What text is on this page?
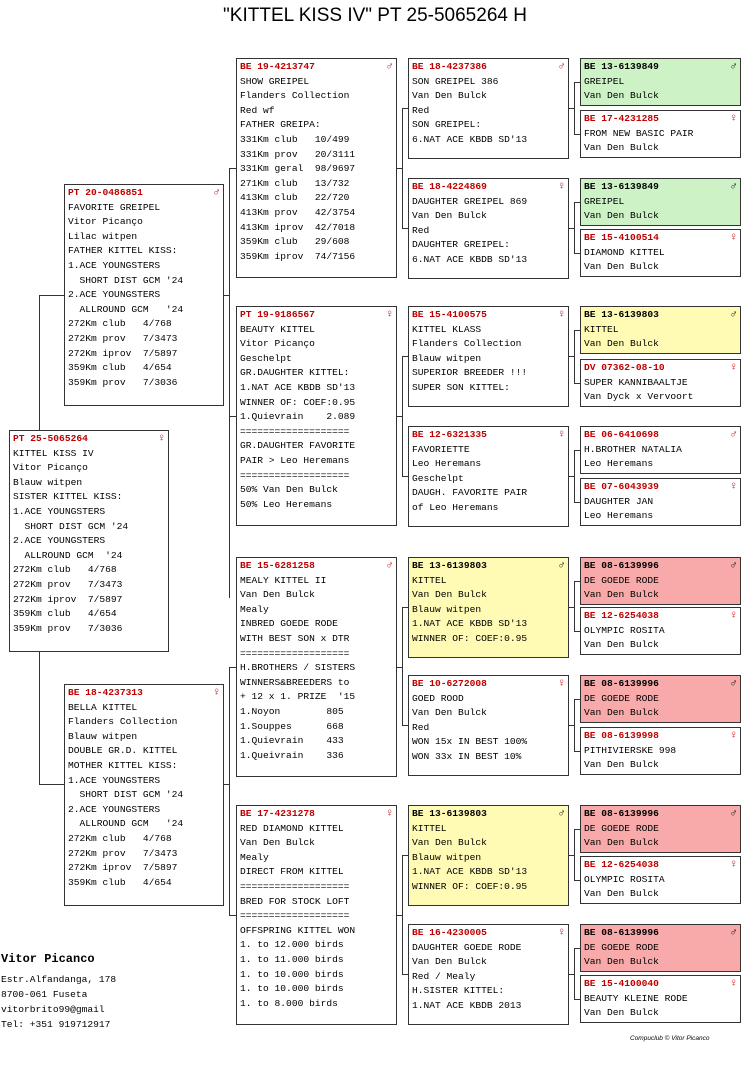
"KITTEL KISS IV" PT 25-5065264 H
PT 25-5065264	♀
KITTEL KISS IV
Vitor Picanço
Blauw witpen
SISTER KITTEL KISS:
1.ACE YOUNGSTERS
SHORT DIST GCM '24
2.ACE YOUNGSTERS
ALLROUND GCM  '24
272Km club   4/768
272Km prov   7/3473
272Km iprov  7/5897
359Km club   4/654
359Km prov   7/3036
PT 20-0486851	♂
FAVORITE GREIPEL
Vitor Picanço
Lilac witpen
FATHER KITTEL KISS:
1.ACE YOUNGSTERS
SHORT DIST GCM '24
2.ACE YOUNGSTERS
ALLROUND GCM   '24
272Km club   4/768
272Km prov   7/3473
272Km iprov  7/5897
359Km club   4/654
359Km prov   7/3036
BE 18-4237313	♀
BELLA KITTEL
Flanders Collection
Blauw witpen
DOUBLE GR.D. KITTEL
MOTHER KITTEL KISS:
1.ACE YOUNGSTERS
SHORT DIST GCM '24
2.ACE YOUNGSTERS
ALLROUND GCM   '24
272Km club   4/768
272Km prov   7/3473
272Km iprov  7/5897
359Km club   4/654
BE 19-4213747	♂
SHOW GREIPEL
Flanders Collection
Red wf
FATHER GREIPA:
331Km club   10/499
331Km prov   20/3111
331Km geral  98/9697
271Km club   13/732
413Km club   22/720
413Km prov   42/3754
413Km iprov  42/7018
359Km club   29/608
359Km iprov  74/7156
PT 19-9186567	♀
BEAUTY KITTEL
Vitor Picanço
Geschelpt
GR.DAUGHTER KITTEL:
1.NAT ACE KBDB SD'13
WINNER OF: COEF:0.95
1.Quievrain    2.089
===================
GR.DAUGHTER FAVORITE
PAIR > Leo Heremans
===================
50% Van Den Bulck
50% Leo Heremans
BE 15-6281258	♂
MEALY KITTEL II
Van Den Bulck
Mealy
INBRED GOEDE RODE
WITH BEST SON x DTR
===================
H.BROTHERS / SISTERS
WINNERS&BREEDERS to
+ 12 x 1. PRIZE  '15
1.Noyon        805
1.Souppes      668
1.Quievrain    433
1.Queivrain    336
BE 17-4231278	♀
RED DIAMOND KITTEL
Van Den Bulck
Mealy
DIRECT FROM KITTEL
===================
BRED FOR STOCK LOFT
===================
OFFSPRING KITTEL WON
1. to 12.000 birds
1. to 11.000 birds
1. to 10.000 birds
1. to 10.000 birds
1. to 8.000 birds
BE 18-4237386	♂
SON GREIPEL 386
Van Den Bulck
Red
SON GREIPEL:
6.NAT ACE KBDB SD'13
BE 18-4224869	♀
DAUGHTER GREIPEL 869
Van Den Bulck
Red
DAUGHTER GREIPEL:
6.NAT ACE KBDB SD'13
BE 15-4100575	♀
KITTEL KLASS
Flanders Collection
Blauw witpen
SUPERIOR BREEDER !!!
SUPER SON KITTEL:
BE 12-6321335	♀
FAVORIETTE
Leo Heremans
Geschelpt
DAUGH. FAVORITE PAIR
of Leo Heremans
BE 13-6139803	♂
KITTEL
Van Den Bulck
Blauw witpen
1.NAT ACE KBDB SD'13
WINNER OF: COEF:0.95
BE 10-6272008	♀
GOED ROOD
Van Den Bulck
Red
WON 15x IN BEST 100%
WON 33x IN BEST 10%
BE 13-6139803	♂
KITTEL
Van Den Bulck
Blauw witpen
1.NAT ACE KBDB SD'13
WINNER OF: COEF:0.95
BE 16-4230005	♀
DAUGHTER GOEDE RODE
Van Den Bulck
Red / Mealy
H.SISTER KITTEL:
1.NAT ACE KBDB 2013
BE 13-6139849	♂
GREIPEL
Van Den Bulck
BE 17-4231285	♀
FROM NEW BASIC PAIR
Van Den Bulck
BE 13-6139849	♂
GREIPEL
Van Den Bulck
BE 15-4100514	♀
DIAMOND KITTEL
Van Den Bulck
BE 13-6139803	♂
KITTEL
Van Den Bulck
DV 07362-08-10	♀
SUPER KANNIBAALTJE
Van Dyck x Vervoort
BE 06-6410698	♂
H.BROTHER NATALIA
Leo Heremans
BE 07-6043939	♀
DAUGHTER JAN
Leo Heremans
BE 08-6139996	♂
DE GOEDE RODE
Van Den Bulck
BE 12-6254038	♀
OLYMPIC ROSITA
Van Den Bulck
BE 08-6139996	♂
DE GOEDE RODE
Van Den Bulck
BE 08-6139998	♀
PITHIVIERSKE 998
Van Den Bulck
BE 08-6139996	♂
DE GOEDE RODE
Van Den Bulck
BE 12-6254038	♀
OLYMPIC ROSITA
Van Den Bulck
BE 08-6139996	♂
DE GOEDE RODE
Van Den Bulck
BE 15-4100040	♀
BEAUTY KLEINE RODE
Van Den Bulck
Vitor Picanco
Estr.Alfandanga, 178
8700-061 Fuseta
vitorbrito99@gmail
Tel: +351 919712917
Compuclub © Vitor Picanco
